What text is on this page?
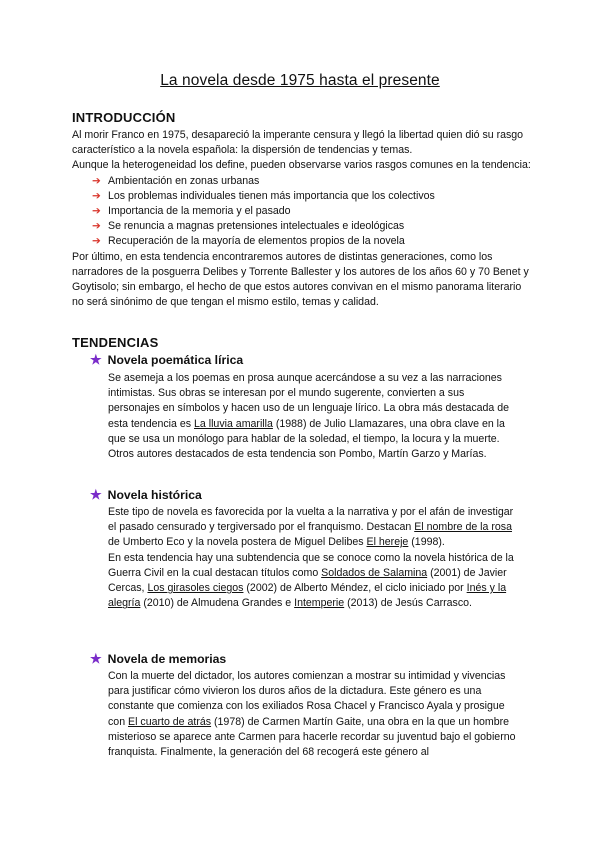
La novela desde 1975 hasta el presente
INTRODUCCIÓN
Al morir Franco en 1975, desapareció la imperante censura y llegó la libertad quien dió su rasgo característico a la novela española: la dispersión de tendencias y temas.
Aunque la heterogeneidad los define, pueden observarse varios rasgos comunes en la tendencia:
➔ Ambientación en zonas urbanas
➔ Los problemas individuales tienen más importancia que los colectivos
➔ Importancia de la memoria y el pasado
➔ Se renuncia a magnas pretensiones intelectuales e ideológicas
➔ Recuperación de la mayoría de elementos propios de la novela
Por último, en esta tendencia encontraremos autores de distintas generaciones, como los narradores de la posguerra Delibes y Torrente Ballester y los autores de los años 60 y 70 Benet y Goytisolo; sin embargo, el hecho de que estos autores convivan en el mismo panorama literario no será sinónimo de que tengan el mismo estilo, temas y calidad.
TENDENCIAS
★ Novela poemática lírica
Se asemeja a los poemas en prosa aunque acercándose a su vez a las narraciones intimistas. Sus obras se interesan por el mundo sugerente, convierten a sus personajes en símbolos y hacen uso de un lenguaje lírico. La obra más destacada de esta tendencia es La lluvia amarilla (1988) de Julio Llamazares, una obra clave en la que se usa un monólogo para hablar de la soledad, el tiempo, la locura y la muerte. Otros autores destacados de esta tendencia son Pombo, Martín Garzo y Marías.
★ Novela histórica
Este tipo de novela es favorecida por la vuelta a la narrativa y por el afán de investigar el pasado censurado y tergiversado por el franquismo. Destacan El nombre de la rosa de Umberto Eco y la novela postera de Miguel Delibes El hereje (1998).
En esta tendencia hay una subtendencia que se conoce como la novela histórica de la Guerra Civil en la cual destacan títulos como Soldados de Salamina (2001) de Javier Cercas, Los girasoles ciegos (2002) de Alberto Méndez, el ciclo iniciado por Inés y la alegría (2010) de Almudena Grandes e Intemperie (2013) de Jesús Carrasco.
★ Novela de memorias
Con la muerte del dictador, los autores comienzan a mostrar su intimidad y vivencias para justificar cómo vivieron los duros años de la dictadura. Este género es una constante que comienza con los exiliados Rosa Chacel y Francisco Ayala y prosigue con El cuarto de atrás (1978) de Carmen Martín Gaite, una obra en la que un hombre misterioso se aparece ante Carmen para hacerle recordar su juventud bajo el gobierno franquista. Finalmente, la generación del 68 recogerá este género al
